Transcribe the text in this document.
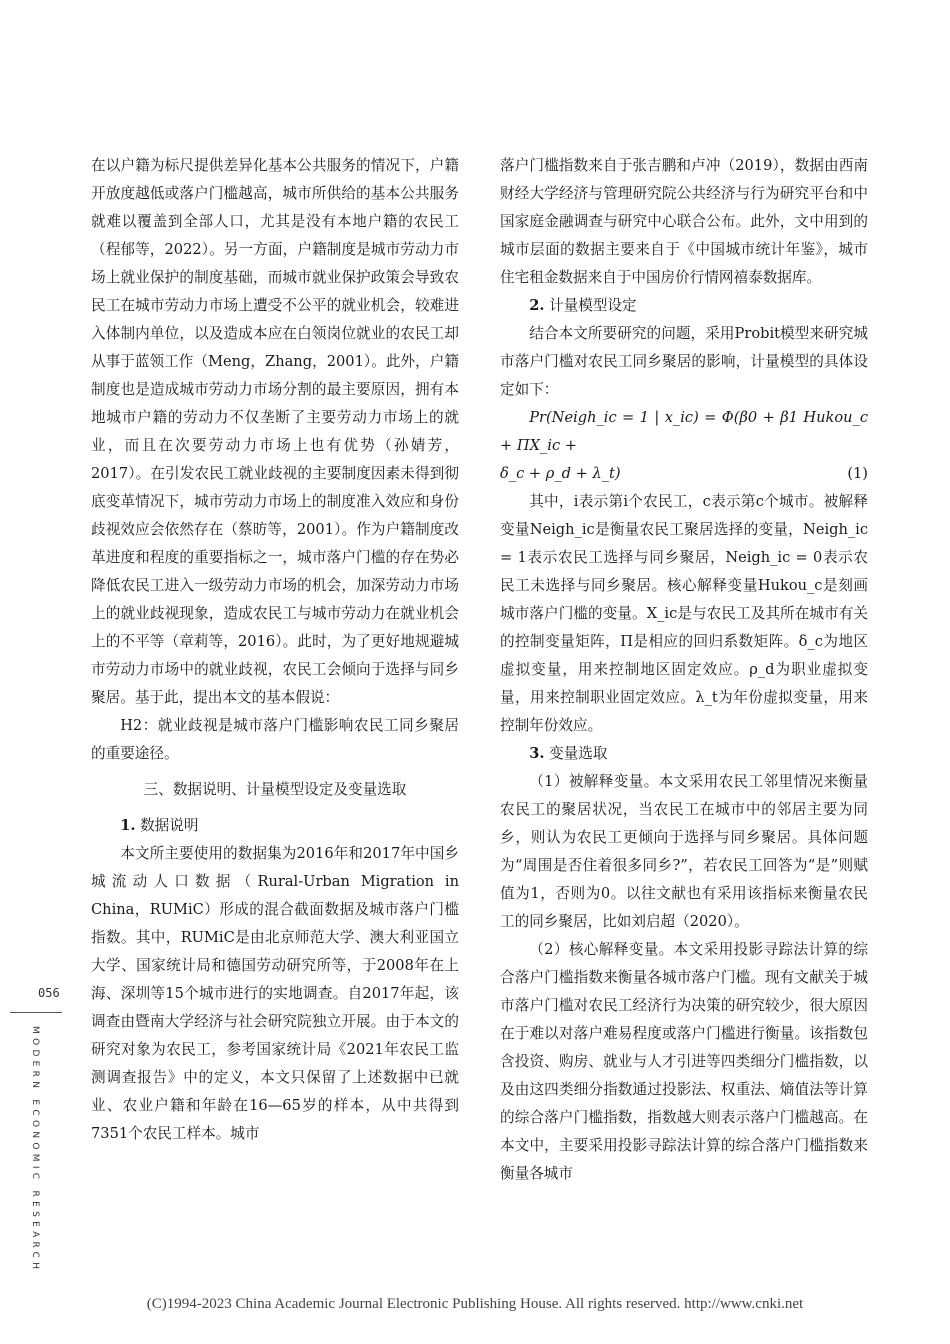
在以户籍为标尺提供差异化基本公共服务的情况下，户籍开放度越低或落户门槛越高，城市所供给的基本公共服务就难以覆盖到全部人口，尤其是没有本地户籍的农民工（程郁等，2022）。另一方面，户籍制度是城市劳动力市场上就业保护的制度基础，而城市就业保护政策会导致农民工在城市劳动力市场上遭受不公平的就业机会，较难进入体制内单位，以及造成本应在白领岗位就业的农民工却从事于蓝领工作（Meng，Zhang，2001）。此外，户籍制度也是造成城市劳动力市场分割的最主要原因，拥有本地城市户籍的劳动力不仅垄断了主要劳动力市场上的就业，而且在次要劳动力市场上也有优势（孙婧芳，2017）。在引发农民工就业歧视的主要制度因素未得到彻底变革情况下，城市劳动力市场上的制度准入效应和身份歧视效应会依然存在（蔡昉等，2001）。作为户籍制度改革进度和程度的重要指标之一，城市落户门槛的存在势必降低农民工进入一级劳动力市场的机会，加深劳动力市场上的就业歧视现象，造成农民工与城市劳动力在就业机会上的不平等（章莉等，2016）。此时，为了更好地规避城市劳动力市场中的就业歧视，农民工会倾向于选择与同乡聚居。基于此，提出本文的基本假说：

H2：就业歧视是城市落户门槛影响农民工同乡聚居的重要途径。

三、数据说明、计量模型设定及变量选取
1. 数据说明

本文所主要使用的数据集为2016年和2017年中国乡城流动人口数据（Rural-Urban Migration in China，RUMiC）形成的混合截面数据及城市落户门槛指数。其中，RUMiC是由北京师范大学、澳大利亚国立大学、国家统计局和德国劳动研究所等，于2008年在上海、深圳等15个城市进行的实地调查。自2017年起，该调查由暨南大学经济与社会研究院独立开展。由于本文的研究对象为农民工，参考国家统计局《2021年农民工监测调查报告》中的定义，本文只保留了上述数据中已就业、农业户籍和年龄在16—65岁的样本，从中共得到7351个农民工样本。城市

落户门槛指数来自于张吉鹏和卢冲（2019），数据由西南财经大学经济与管理研究院公共经济与行为研究平台和中国家庭金融调查与研究中心联合公布。此外，文中用到的城市层面的数据主要来自于《中国城市统计年鉴》，城市住宅租金数据来自于中国房价行情网禧泰数据库。

2. 计量模型设定

结合本文所要研究的问题，采用Probit模型来研究城市落户门槛对农民工同乡聚居的影响，计量模型的具体设定如下：

Pr(Neigh_ic = 1 | x_ic) = Φ(β0 + β1 Hukou_c + ΠX_ic +
δ_c + ρ_d + λ_t)	(1)

其中，i表示第i个农民工，c表示第c个城市。被解释变量Neigh_ic是衡量农民工聚居选择的变量，Neigh_ic = 1表示农民工选择与同乡聚居，Neigh_ic = 0表示农民工未选择与同乡聚居。核心解释变量Hukou_c是刻画城市落户门槛的变量。X_ic是与农民工及其所在城市有关的控制变量矩阵，Π是相应的回归系数矩阵。δ_c为地区虚拟变量，用来控制地区固定效应。ρ_d为职业虚拟变量，用来控制职业固定效应。λ_t为年份虚拟变量，用来控制年份效应。

3. 变量选取

（1）被解释变量。本文采用农民工邻里情况来衡量农民工的聚居状况，当农民工在城市中的邻居主要为同乡，则认为农民工更倾向于选择与同乡聚居。具体问题为“周围是否住着很多同乡?”，若农民工回答为“是”则赋值为1，否则为0。以往文献也有采用该指标来衡量农民工的同乡聚居，比如刘启超（2020）。

（2）核心解释变量。本文采用投影寻踪法计算的综合落户门槛指数来衡量各城市落户门槛。现有文献关于城市落户门槛对农民工经济行为决策的研究较少，很大原因在于难以对落户难易程度或落户门槛进行衡量。该指数包含投资、购房、就业与人才引进等四类细分门槛指数，以及由这四类细分指数通过投影法、权重法、熵值法等计算的综合落户门槛指数，指数越大则表示落户门槛越高。在本文中，主要采用投影寻踪法计算的综合落户门槛指数来衡量各城市

056
MODERN ECONOMIC RESEARCH
(C)1994-2023 China Academic Journal Electronic Publishing House. All rights reserved. http://www.cnki.net
